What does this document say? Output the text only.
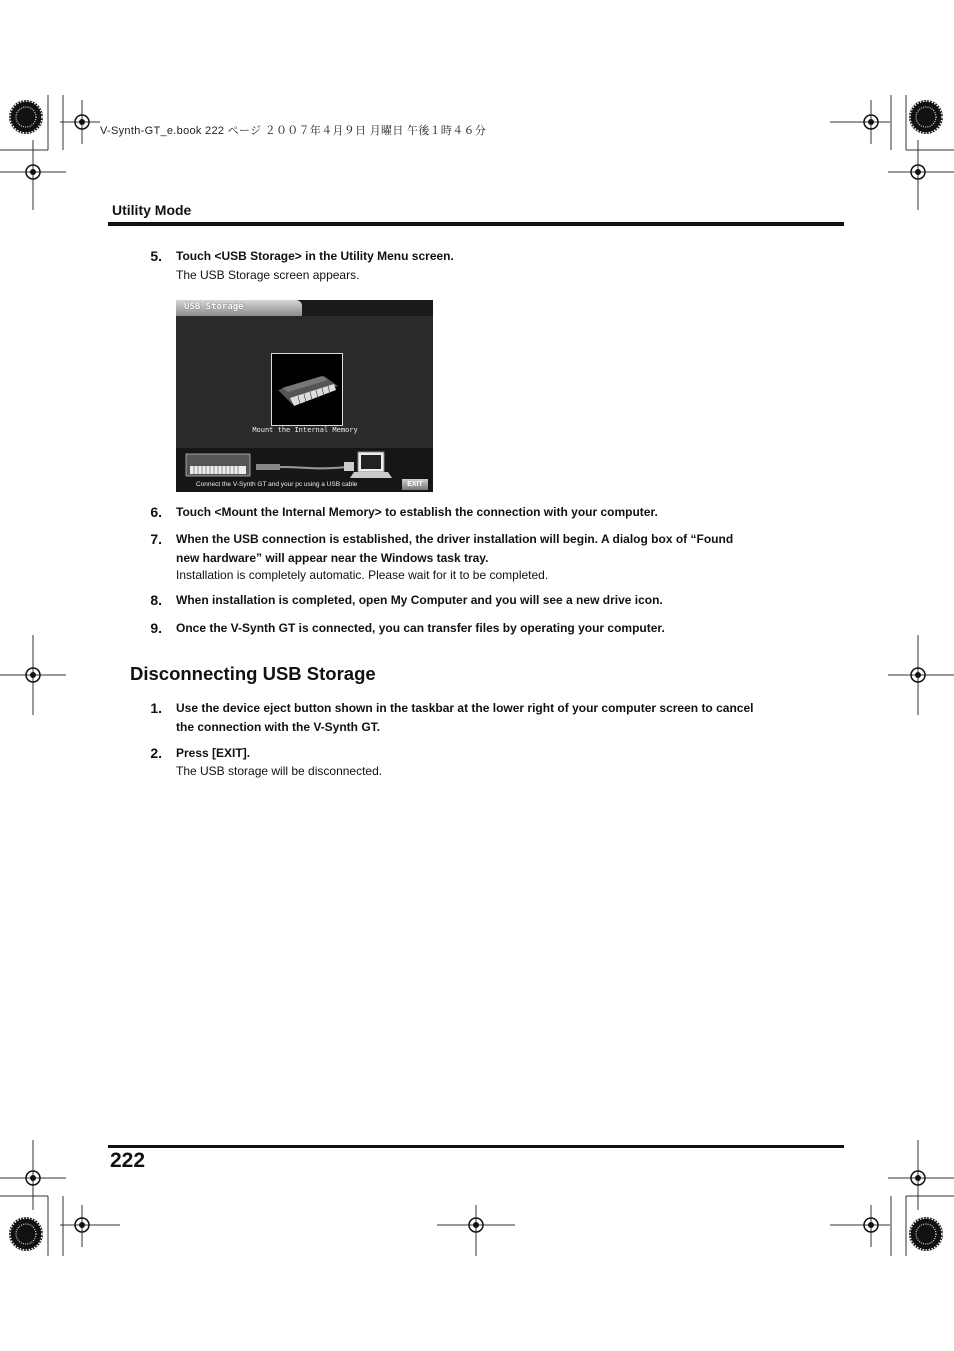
V-Synth-GT_e.book 222 ページ ２００７年４月９日 月曜日 午後１時４６分
Utility Mode
5. Touch <USB Storage> in the Utility Menu screen.
The USB Storage screen appears.
USB Storage
Mount the Internal Memory
Connect the V-Synth GT and your pc using a USB cable	EXIT
6. Touch <Mount the Internal Memory> to establish the connection with your computer.
7. When the USB connection is established, the driver installation will begin. A dialog box of “Found new hardware” will appear near the Windows task tray.
Installation is completely automatic. Please wait for it to be completed.
8. When installation is completed, open My Computer and you will see a new drive icon.
9. Once the V-Synth GT is connected, you can transfer files by operating your computer.
Disconnecting USB Storage
1. Use the device eject button shown in the taskbar at the lower right of your computer screen to cancel the connection with the V-Synth GT.
2. Press [EXIT].
The USB storage will be disconnected.
222
